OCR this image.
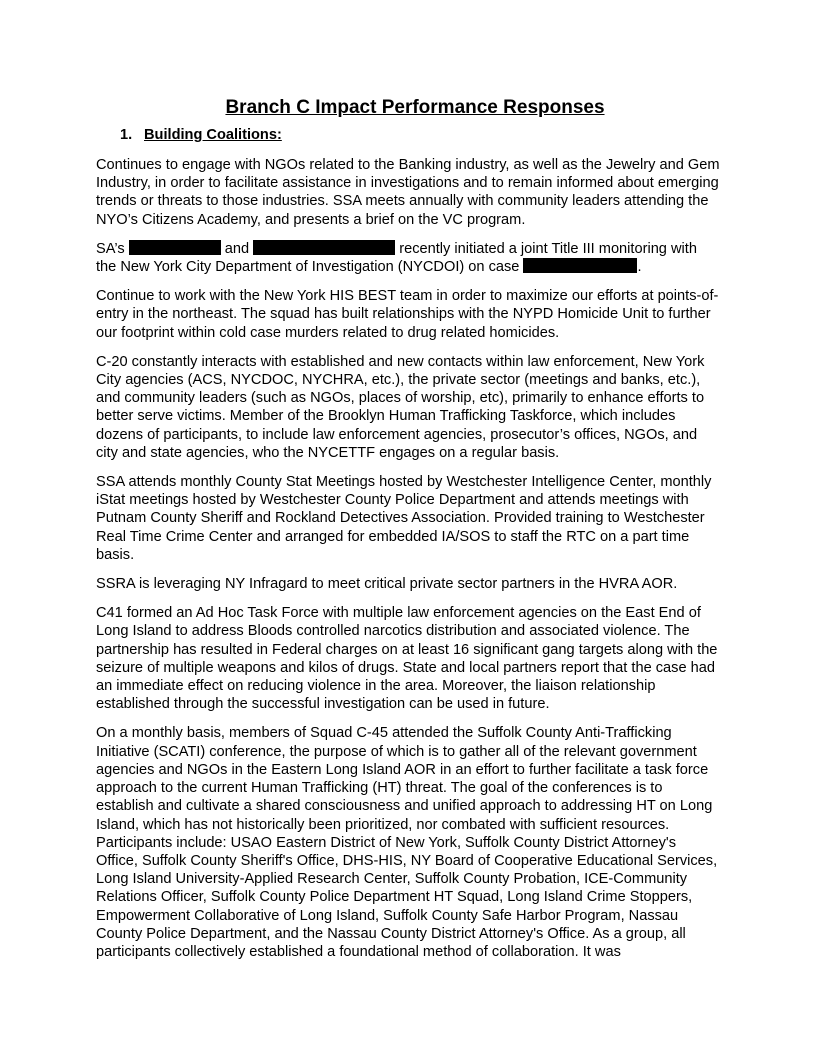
Branch C Impact Performance Responses
1. Building Coalitions:

Continues to engage with NGOs related to the Banking industry, as well as the Jewelry and Gem Industry, in order to facilitate assistance in investigations and to remain informed about emerging trends or threats to those industries. SSA meets annually with community leaders attending the NYO’s Citizens Academy, and presents a brief on the VC program.

SA’s	and	recently initiated a joint Title III monitoring with the New York City Department of Investigation (NYCDOI) on case	.

Continue to work with the New York HIS BEST team in order to maximize our efforts at points-of-entry in the northeast. The squad has built relationships with the NYPD Homicide Unit to further our footprint within cold case murders related to drug related homicides.

C-20 constantly interacts with established and new contacts within law enforcement, New York City agencies (ACS, NYCDOC, NYCHRA, etc.), the private sector (meetings and banks, etc.), and community leaders (such as NGOs, places of worship, etc), primarily to enhance efforts to better serve victims. Member of the Brooklyn Human Trafficking Taskforce, which includes dozens of participants, to include law enforcement agencies, prosecutor’s offices, NGOs, and city and state agencies, who the NYCETTF engages on a regular basis.

SSA attends monthly County Stat Meetings hosted by Westchester Intelligence Center, monthly iStat meetings hosted by Westchester County Police Department and attends meetings with Putnam County Sheriff and Rockland Detectives Association. Provided training to Westchester Real Time Crime Center and arranged for embedded IA/SOS to staff the RTC on a part time basis.

SSRA is leveraging NY Infragard to meet critical private sector partners in the HVRA AOR.

C41 formed an Ad Hoc Task Force with multiple law enforcement agencies on the East End of Long Island to address Bloods controlled narcotics distribution and associated violence. The partnership has resulted in Federal charges on at least 16 significant gang targets along with the seizure of multiple weapons and kilos of drugs. State and local partners report that the case had an immediate effect on reducing violence in the area. Moreover, the liaison relationship established through the successful investigation can be used in future.

On a monthly basis, members of Squad C-45 attended the Suffolk County Anti-Trafficking Initiative (SCATI) conference, the purpose of which is to gather all of the relevant government agencies and NGOs in the Eastern Long Island AOR in an effort to further facilitate a task force approach to the current Human Trafficking (HT) threat. The goal of the conferences is to establish and cultivate a shared consciousness and unified approach to addressing HT on Long Island, which has not historically been prioritized, nor combated with sufficient resources. Participants include: USAO Eastern District of New York, Suffolk County District Attorney's Office, Suffolk County Sheriff's Office, DHS-HIS, NY Board of Cooperative Educational Services, Long Island University-Applied Research Center, Suffolk County Probation, ICE-Community Relations Officer, Suffolk County Police Department HT Squad, Long Island Crime Stoppers, Empowerment Collaborative of Long Island, Suffolk County Safe Harbor Program, Nassau County Police Department, and the Nassau County District Attorney's Office. As a group, all participants collectively established a foundational method of collaboration. It was
